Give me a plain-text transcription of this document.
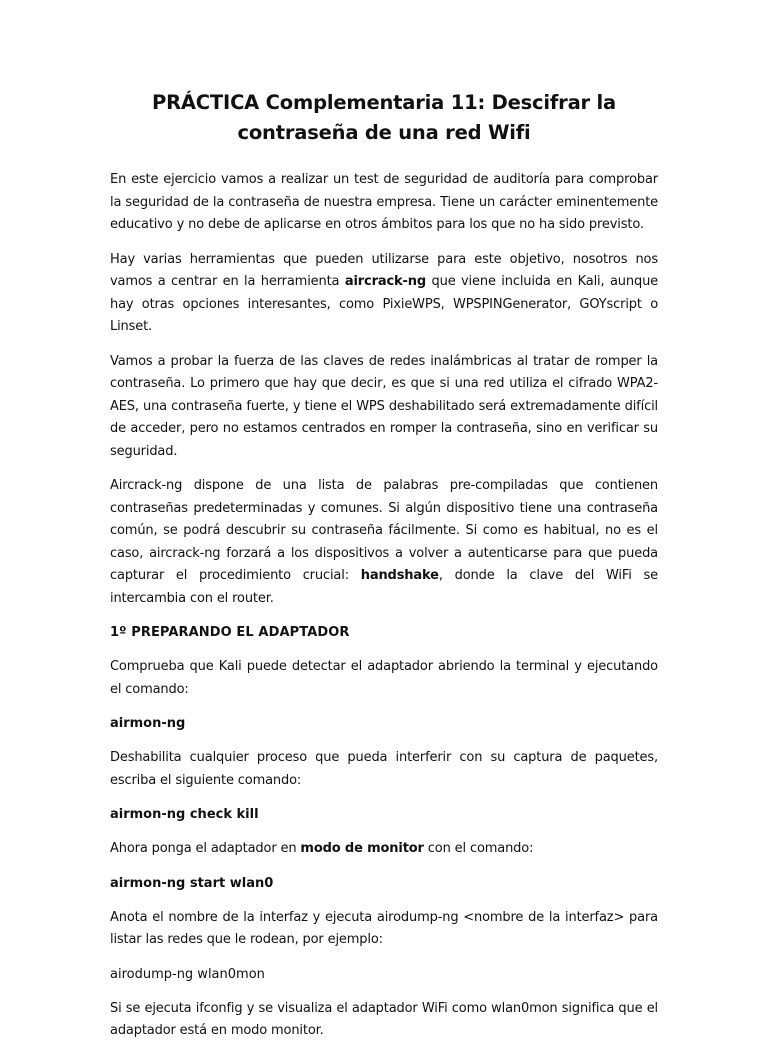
PRÁCTICA Complementaria 11: Descifrar la
contraseña de una red Wifi

En este ejercicio vamos a realizar un test de seguridad de auditoría para comprobar la seguridad de la contraseña de nuestra empresa. Tiene un carácter eminentemente educativo y no debe de aplicarse en otros ámbitos para los que no ha sido previsto.

Hay varias herramientas que pueden utilizarse para este objetivo, nosotros nos vamos a centrar en la herramienta aircrack-ng que viene incluida en Kali, aunque hay otras opciones interesantes, como PixieWPS, WPSPINGenerator, GOYscript o Linset.

Vamos a probar la fuerza de las claves de redes inalámbricas al tratar de romper la contraseña. Lo primero que hay que decir, es que si una red utiliza el cifrado WPA2-AES, una contraseña fuerte, y tiene el WPS deshabilitado será extremadamente difícil de acceder, pero no estamos centrados en romper la contraseña, sino en verificar su seguridad.

Aircrack-ng dispone de una lista de palabras pre-compiladas que contienen contraseñas predeterminadas y comunes. Si algún dispositivo tiene una contraseña común, se podrá descubrir su contraseña fácilmente. Si como es habitual, no es el caso, aircrack-ng forzará a los dispositivos a volver a autenticarse para que pueda capturar el procedimiento crucial: handshake, donde la clave del WiFi se intercambia con el router.

1º PREPARANDO EL ADAPTADOR

Comprueba que Kali puede detectar el adaptador abriendo la terminal y ejecutando el comando:

airmon-ng

Deshabilita cualquier proceso que pueda interferir con su captura de paquetes, escriba el siguiente comando:

airmon-ng check kill

Ahora ponga el adaptador en modo de monitor con el comando:

airmon-ng start wlan0

Anota el nombre de la interfaz y ejecuta airodump-ng <nombre de la interfaz> para listar las redes que le rodean, por ejemplo:

airodump-ng wlan0mon

Si se ejecuta ifconfig y se visualiza el adaptador WiFi como wlan0mon significa que el adaptador está en modo monitor.
